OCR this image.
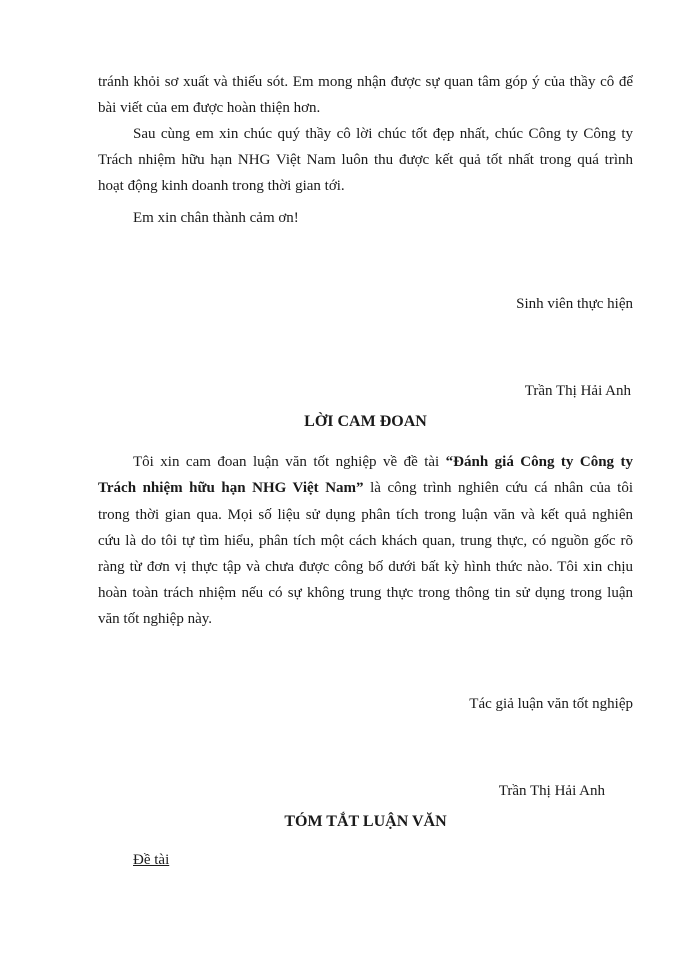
tránh khỏi sơ xuất và thiếu sót. Em mong nhận được sự quan tâm góp ý của thầy cô để
bài viết của em được hoàn thiện hơn.
Sau cùng em xin chúc quý thầy cô lời chúc tốt đẹp nhất, chúc Công ty Công ty
Trách nhiệm hữu hạn NHG Việt Nam luôn thu được kết quả tốt nhất trong quá trình
hoạt động kinh doanh trong thời gian tới.
Em xin chân thành cảm ơn!
Sinh viên thực hiện
Trần Thị Hải Anh
LỜI CAM ĐOAN
Tôi xin cam đoan luận văn tốt nghiệp về đề tài “Đánh giá Công ty Công ty
Trách nhiệm hữu hạn NHG Việt Nam” là công trình nghiên cứu cá nhân của tôi
trong thời gian qua. Mọi số liệu sử dụng phân tích trong luận văn và kết quả nghiên
cứu là do tôi tự tìm hiểu, phân tích một cách khách quan, trung thực, có nguồn gốc rõ
ràng từ đơn vị thực tập và chưa được công bố dưới bất kỳ hình thức nào. Tôi xin chịu
hoàn toàn trách nhiệm nếu có sự không trung thực trong thông tin sử dụng trong luận
văn tốt nghiệp này.
Tác giả luận văn tốt nghiệp
Trần Thị Hải Anh
TÓM TẮT LUẬN VĂN
Đề tài
